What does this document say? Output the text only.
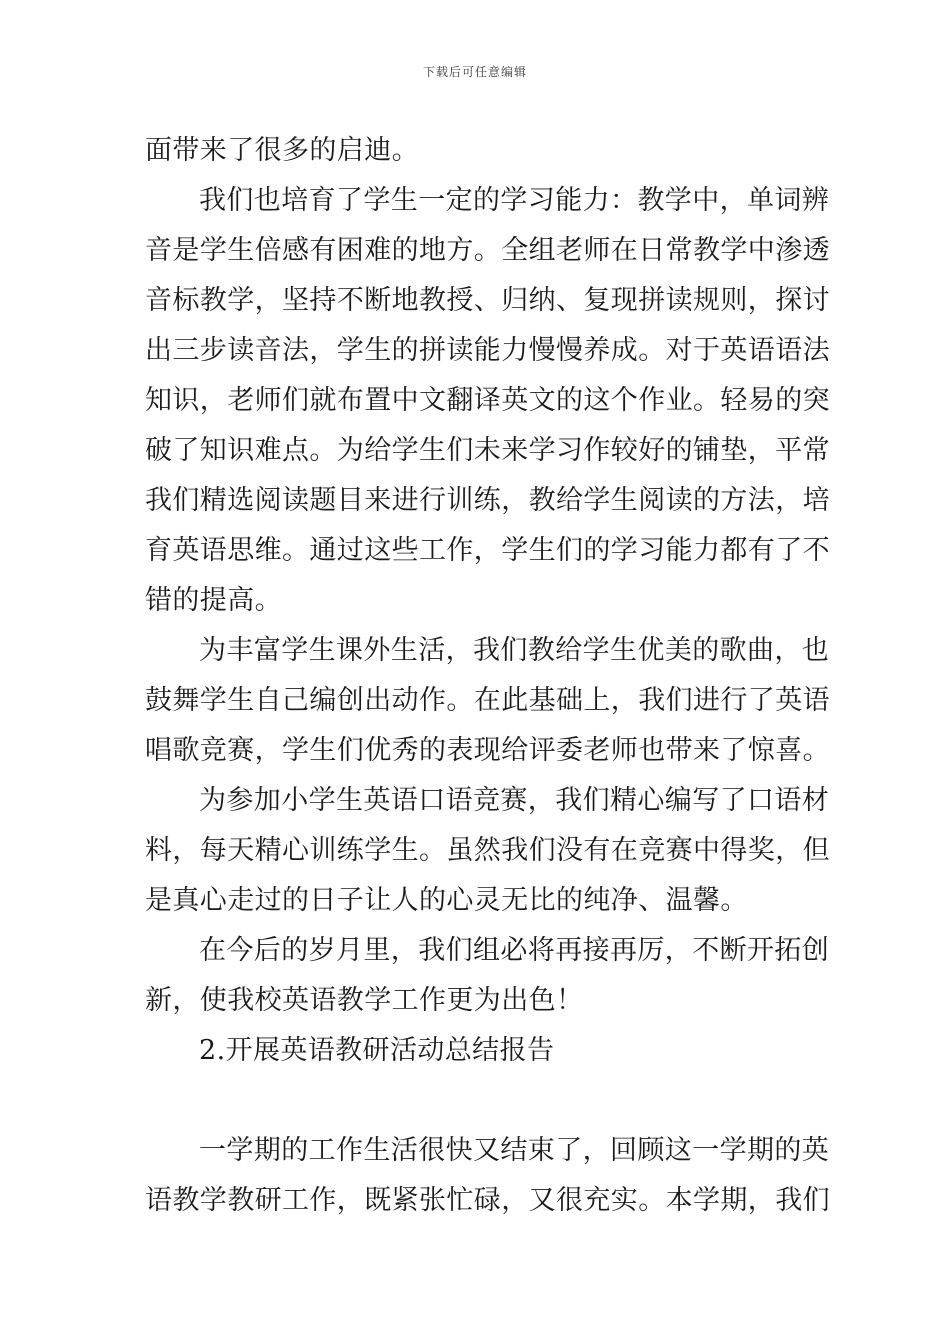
下载后可任意编辑
面带来了很多的启迪。
我们也培育了学生一定的学习能力：教学中，单词辨
音是学生倍感有困难的地方。全组老师在日常教学中渗透
音标教学，坚持不断地教授、归纳、复现拼读规则，探讨
出三步读音法，学生的拼读能力慢慢养成。对于英语语法
知识，老师们就布置中文翻译英文的这个作业。轻易的突
破了知识难点。为给学生们未来学习作较好的铺垫，平常
我们精选阅读题目来进行训练，教给学生阅读的方法，培
育英语思维。通过这些工作，学生们的学习能力都有了不
错的提高。
为丰富学生课外生活，我们教给学生优美的歌曲，也
鼓舞学生自己编创出动作。在此基础上，我们进行了英语
唱歌竞赛，学生们优秀的表现给评委老师也带来了惊喜。
为参加小学生英语口语竞赛，我们精心编写了口语材
料，每天精心训练学生。虽然我们没有在竞赛中得奖，但
是真心走过的日子让人的心灵无比的纯净、温馨。
在今后的岁月里，我们组必将再接再厉，不断开拓创
新，使我校英语教学工作更为出色！
2.开展英语教研活动总结报告
一学期的工作生活很快又结束了，回顾这一学期的英
语教学教研工作，既紧张忙碌，又很充实。本学期，我们
